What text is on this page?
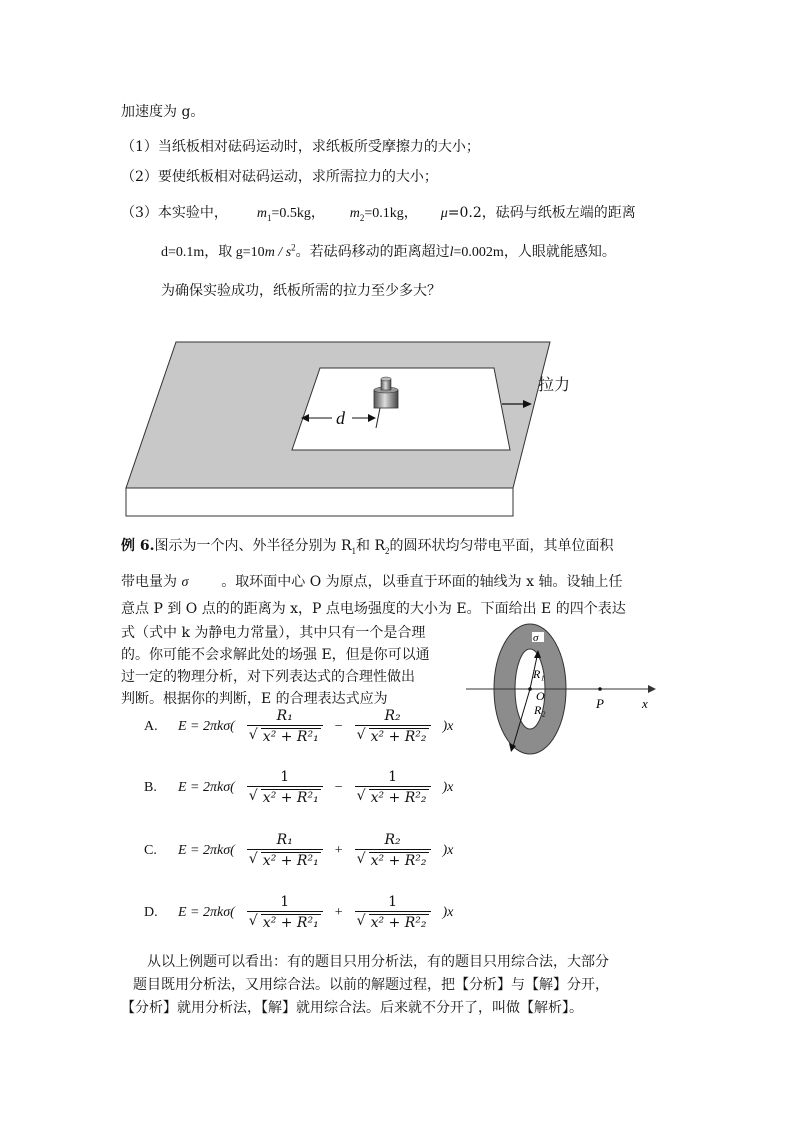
加速度为 g。
（1）当纸板相对砝码运动时，求纸板所受摩擦力的大小；
（2）要使纸板相对砝码运动，求所需拉力的大小；
（3）本实验中， $m_1=0.5kg$， $m_2=0.1kg$， μ=0.2，砝码与纸板左端的距离
d=0.1m，取 $g=10m / s^2$。若砝码移动的距离超过l=0.002m，人眼就能感知。
为确保实验成功，纸板所需的拉力至少多大？
d
拉力
例 6.图示为一个内、外半径分别为 $R_1$和 $R_2$的圆环状均匀带电平面，其单位面积
带电量为 σ 。取环面中心 O 为原点，以垂直于环面的轴线为 x 轴。设轴上任
意点 P 到 O 点的的距离为 x，P 点电场强度的大小为 E。下面给出 E 的四个表达
式（式中 k 为静电力常量），其中只有一个是合理
的。你可能不会求解此处的场强 E，但是你可以通
过一定的物理分析，对下列表达式的合理性做出
判断。根据你的判断，E 的合理表达式应为
σ
R₁
O
R₂	P	x
A.	E = 2πkσ( R₁
√ x² + R²₁ − R₂
√ x² + R²₂ )x
B.	E = 2πkσ( 1
√ x² + R²₁ − 1
√ x² + R²₂ )x
C.	E = 2πkσ( R₁
√ x² + R²₁ + R₂
√ x² + R²₂ )x
D.	E = 2πkσ( 1
√ x² + R²₁ + 1
√ x² + R²₂ )x
从以上例题可以看出：有的题目只用分析法，有的题目只用综合法，大部分
题目既用分析法，又用综合法。以前的解题过程，把【分析】与【解】分开，
【分析】就用分析法，【解】就用综合法。后来就不分开了，叫做【解析】。
